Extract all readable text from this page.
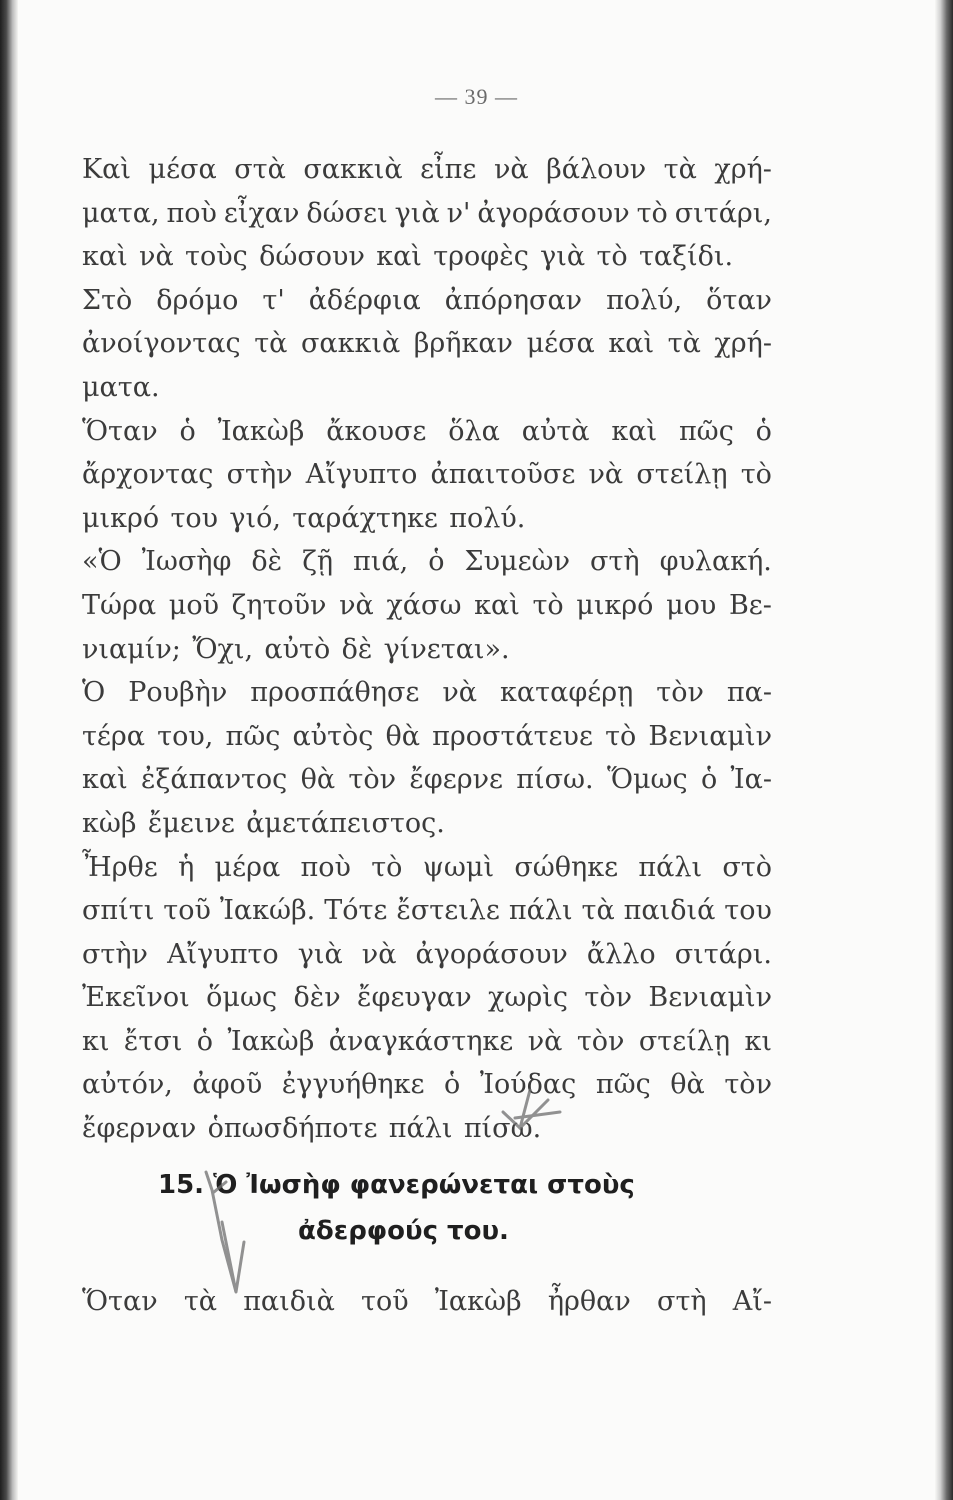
— 39 —
Καὶ μέσα στὰ σακκιὰ εἶπε νὰ βάλουν τὰ χρή-
ματα, ποὺ εἶχαν δώσει γιὰ ν' ἀγοράσουν τὸ σιτάρι,
καὶ νὰ τοὺς δώσουν καὶ τροφὲς γιὰ τὸ ταξίδι.
Στὸ δρόμο τ' ἀδέρφια ἀπόρησαν πολύ, ὅταν
ἀνοίγοντας τὰ σακκιὰ βρῆκαν μέσα καὶ τὰ χρή-
ματα.
Ὅταν ὁ Ἰακὼβ ἄκουσε ὅλα αὐτὰ καὶ πῶς ὁ
ἄρχοντας στὴν Αἴγυπτο ἀπαιτοῦσε νὰ στείλῃ τὸ
μικρό του γιό, ταράχτηκε πολύ.
«Ὁ Ἰωσὴφ δὲ ζῇ πιά, ὁ Συμεὼν στὴ φυλακή.
Τώρα μοῦ ζητοῦν νὰ χάσω καὶ τὸ μικρό μου Βε-
νιαμίν; Ὄχι, αὐτὸ δὲ γίνεται».
Ὁ Ρουβὴν προσπάθησε νὰ καταφέρῃ τὸν πα-
τέρα του, πῶς αὐτὸς θὰ προστάτευε τὸ Βενιαμὶν
καὶ ἐξάπαντος θὰ τὸν ἔφερνε πίσω. Ὅμως ὁ Ἰα-
κὼβ ἔμεινε ἀμετάπειστος.
Ἦρθε ἡ μέρα ποὺ τὸ ψωμὶ σώθηκε πάλι στὸ
σπίτι τοῦ Ἰακώβ. Τότε ἔστειλε πάλι τὰ παιδιά του
στὴν Αἴγυπτο γιὰ νὰ ἀγοράσουν ἄλλο σιτάρι.
Ἐκεῖνοι ὅμως δὲν ἔφευγαν χωρὶς τὸν Βενιαμὶν
κι ἔτσι ὁ Ἰακὼβ ἀναγκάστηκε νὰ τὸν στείλῃ κι
αὐτόν, ἀφοῦ ἐγγυήθηκε ὁ Ἰούδας πῶς θὰ τὸν
ἔφερναν ὁπωσδήποτε πάλι πίσω.
15. Ὁ Ἰωσὴφ φανερώνεται στοὺς
ἀδερφούς του.
Ὅταν τὰ παιδιὰ τοῦ Ἰακὼβ ἦρθαν στὴ Αἴ-
